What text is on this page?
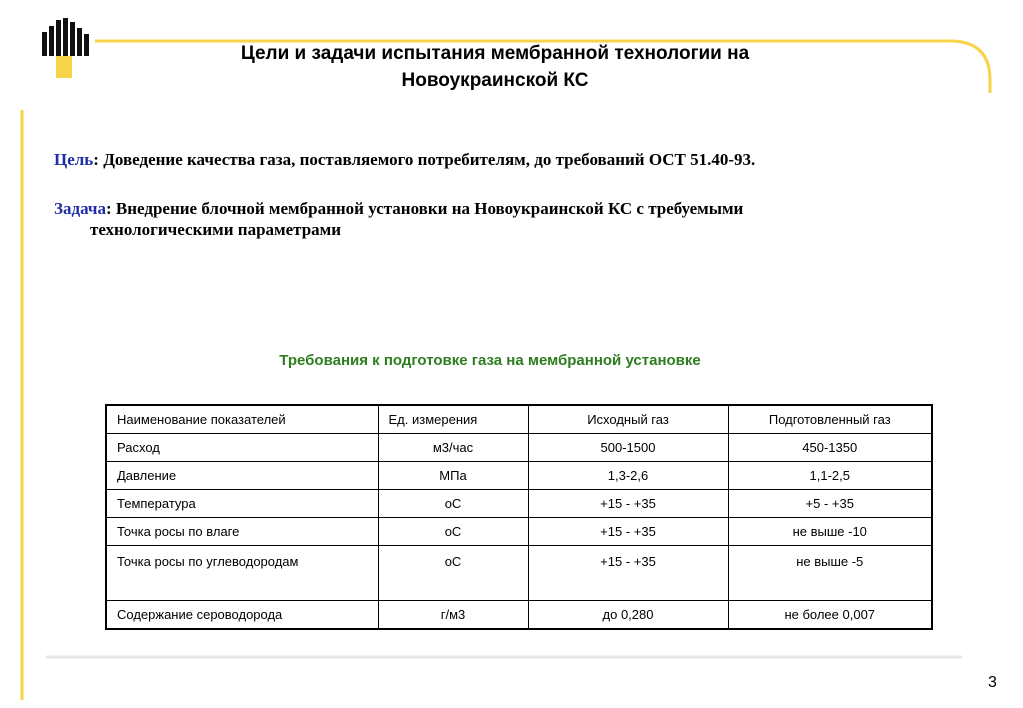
Цели и задачи испытания мембранной технологии на
Новоукраинской КС
Цель: Доведение качества газа, поставляемого потребителям, до требований ОСТ 51.40-93.
Задача: Внедрение блочной мембранной установки на Новоукраинской КС с требуемыми
технологическими параметрами
Требования к подготовке газа на мембранной установке
Наименование показателей	Ед. измерения	Исходный газ	Подготовленный газ
Расход	м3/час	500-1500	450-1350
Давление	МПа	1,3-2,6	1,1-2,5
Температура	оС	+15 - +35	+5 - +35
Точка росы по влаге	оС	+15 - +35	не выше -10
Точка росы по углеводородам	оС	+15 - +35	не выше -5
Содержание сероводорода	г/м3	до 0,280	не более 0,007
3
